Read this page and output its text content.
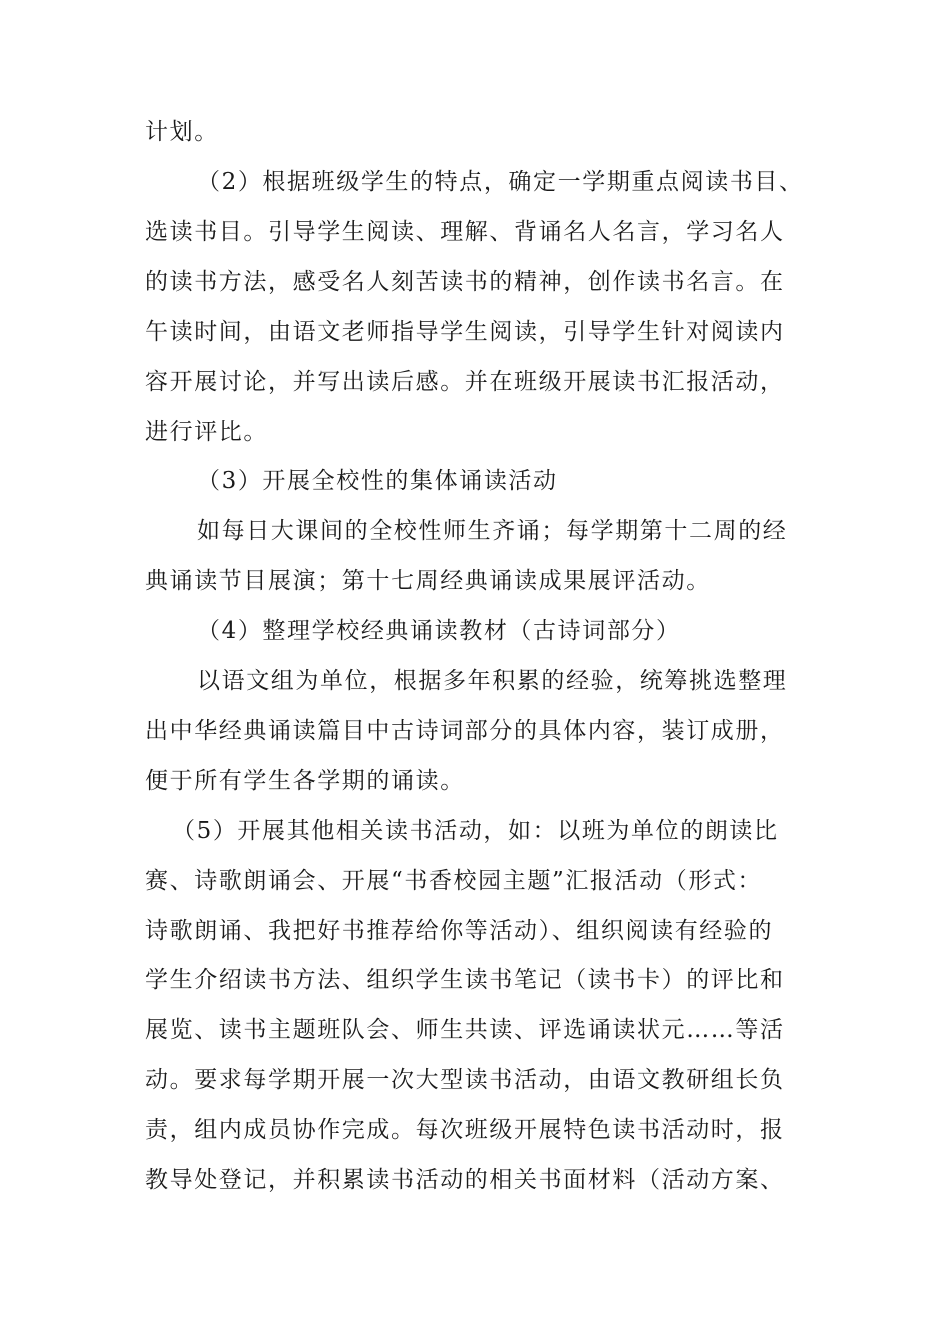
计划。
（2）根据班级学生的特点，确定一学期重点阅读书目、
选读书目。引导学生阅读、理解、背诵名人名言，学习名人
的读书方法，感受名人刻苦读书的精神，创作读书名言。在
午读时间，由语文老师指导学生阅读，引导学生针对阅读内
容开展讨论，并写出读后感。并在班级开展读书汇报活动，
进行评比。
（3）开展全校性的集体诵读活动
如每日大课间的全校性师生齐诵；每学期第十二周的经
典诵读节目展演；第十七周经典诵读成果展评活动。
（4）整理学校经典诵读教材（古诗词部分）
以语文组为单位，根据多年积累的经验，统筹挑选整理
出中华经典诵读篇目中古诗词部分的具体内容，装订成册，
便于所有学生各学期的诵读。
（5）开展其他相关读书活动，如：以班为单位的朗读比
赛、诗歌朗诵会、开展“书香校园主题”汇报活动（形式：
诗歌朗诵、我把好书推荐给你等活动）、组织阅读有经验的
学生介绍读书方法、组织学生读书笔记（读书卡）的评比和
展览、读书主题班队会、师生共读、评选诵读状元……等活
动。要求每学期开展一次大型读书活动，由语文教研组长负
责，组内成员协作完成。每次班级开展特色读书活动时，报
教导处登记，并积累读书活动的相关书面材料（活动方案、
